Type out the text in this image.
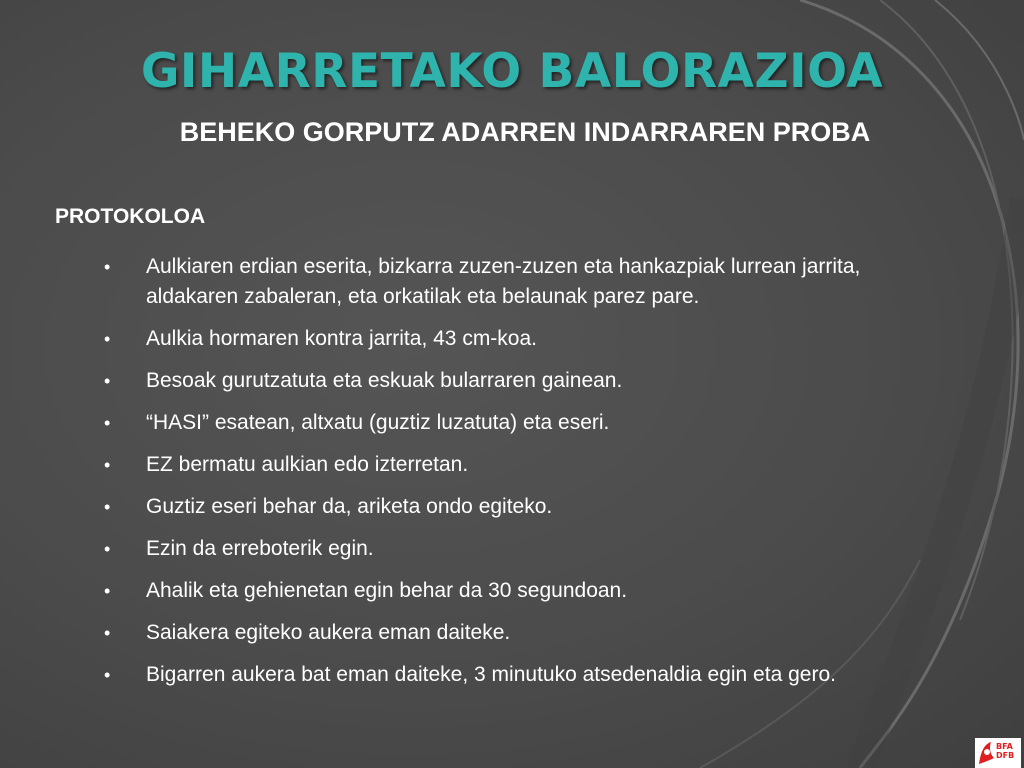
GIHARRETAKO BALORAZIOA
BEHEKO GORPUTZ ADARREN INDARRAREN PROBA
PROTOKOLOA
• Aulkiaren erdian eserita, bizkarra zuzen-zuzen eta hankazpiak lurrean jarrita, aldakaren zabaleran, eta orkatilak eta belaunak parez pare.
• Aulkia hormaren kontra jarrita, 43 cm-koa.
• Besoak gurutzatuta eta eskuak bularraren gainean.
• “HASI” esatean, altxatu (guztiz luzatuta) eta eseri.
• EZ bermatu aulkian edo izterretan.
• Guztiz eseri behar da, ariketa ondo egiteko.
• Ezin da erreboterik egin.
• Ahalik eta gehienetan egin behar da 30 segundoan.
• Saiakera egiteko aukera eman daiteke.
• Bigarren aukera bat eman daiteke, 3 minutuko atsedenaldia egin eta gero.
BFA
DFB
